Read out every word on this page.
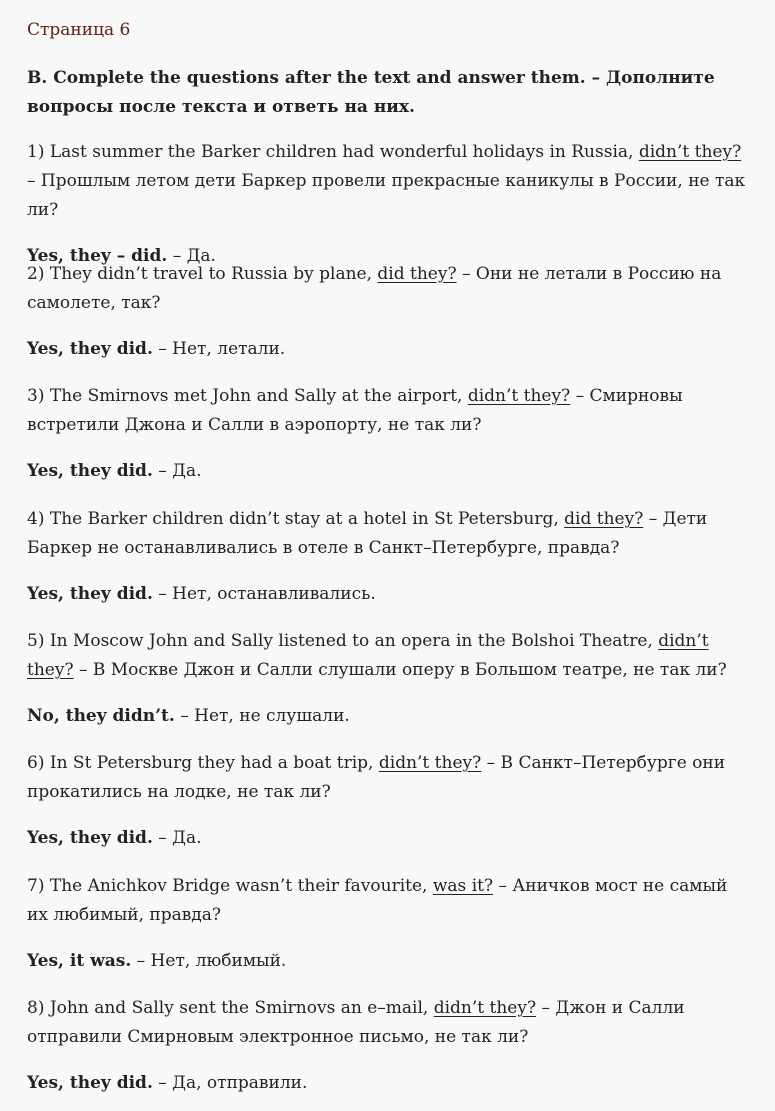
Страница 6

B. Complete the questions after the text and answer them. – Дополните вопросы после текста и ответь на них.

1) Last summer the Barker children had wonderful holidays in Russia, didn’t they? – Прошлым летом дети Баркер провели прекрасные каникулы в России, не так ли?

Yes, they – did. – Да.

2) They didn’t travel to Russia by plane, did they? – Они не летали в Россию на самолете, так?

Yes, they did. – Нет, летали.

3) The Smirnovs met John and Sally at the airport, didn’t they? – Смирновы встретили Джона и Салли в аэропорту, не так ли?

Yes, they did. – Да.

4) The Barker children didn’t stay at a hotel in St Petersburg, did they? – Дети Баркер не останавливались в отеле в Санкт–Петербурге, правда?

Yes, they did. – Нет, останавливались.

5) In Moscow John and Sally listened to an opera in the Bolshoi Theatre, didn’t they? – В Москве Джон и Салли слушали оперу в Большом театре, не так ли?

No, they didn’t. – Нет, не слушали.

6) In St Petersburg they had a boat trip, didn’t they? – В Санкт–Петербурге они прокатились на лодке, не так ли?

Yes, they did. – Да.

7) The Anichkov Bridge wasn’t their favourite, was it? – Аничков мост не самый их любимый, правда?

Yes, it was. – Нет, любимый.

8) John and Sally sent the Smirnovs an e–mail, didn’t they? – Джон и Салли отправили Смирновым электронное письмо, не так ли?

Yes, they did. – Да, отправили.
